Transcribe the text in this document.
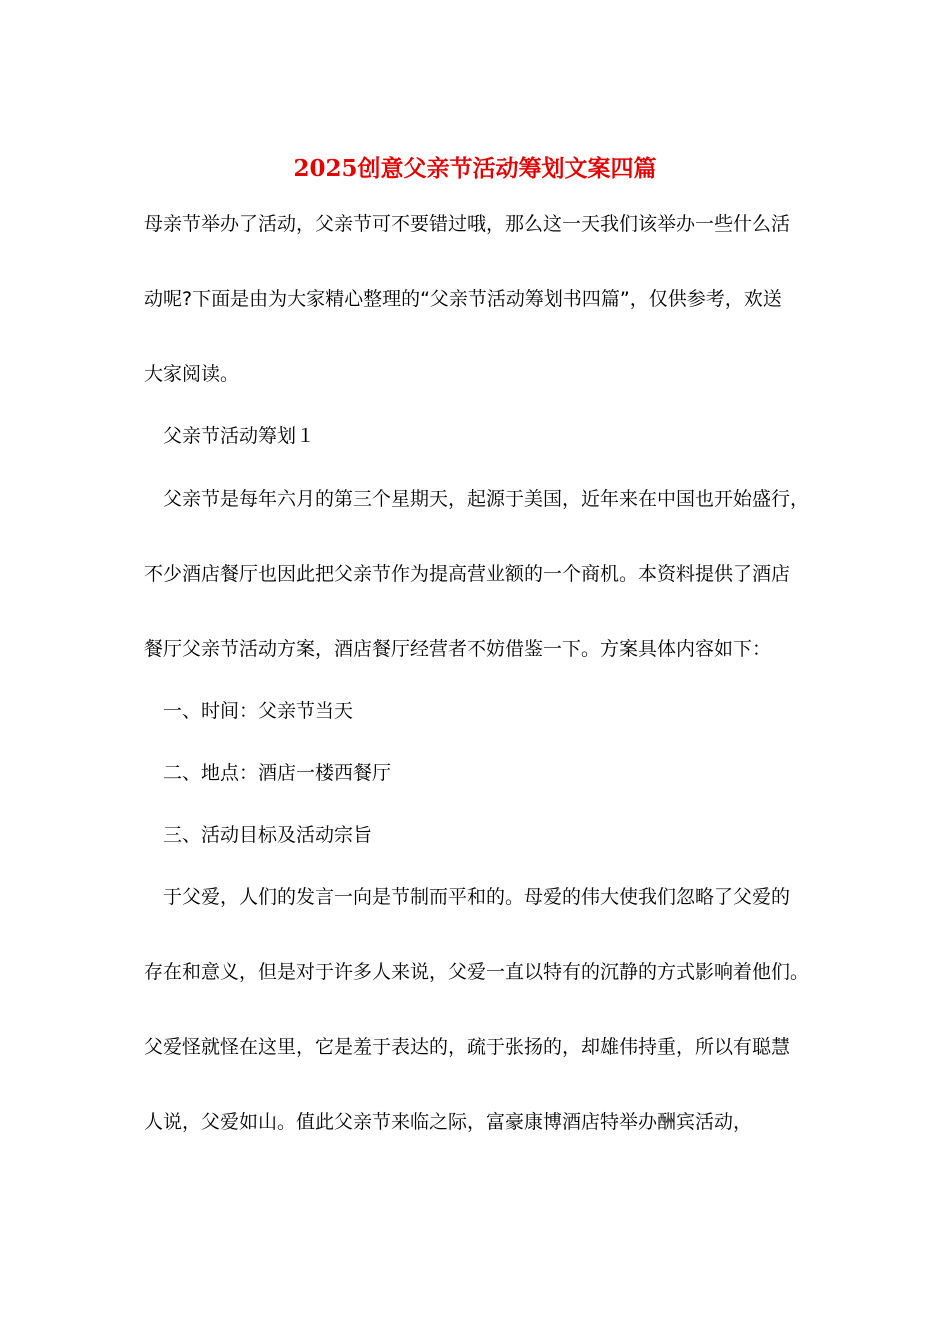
2025创意父亲节活动筹划文案四篇
母亲节举办了活动，父亲节可不要错过哦，那么这一天我们该举办一些什么活
动呢?下面是由为大家精心整理的“父亲节活动筹划书四篇”，仅供参考，欢送
大家阅读。
父亲节活动筹划１
父亲节是每年六月的第三个星期天，起源于美国，近年来在中国也开始盛行，
不少酒店餐厅也因此把父亲节作为提高营业额的一个商机。本资料提供了酒店
餐厅父亲节活动方案，酒店餐厅经营者不妨借鉴一下。方案具体内容如下：
一、时间：父亲节当天
二、地点：酒店一楼西餐厅
三、活动目标及活动宗旨
于父爱，人们的发言一向是节制而平和的。母爱的伟大使我们忽略了父爱的
存在和意义，但是对于许多人来说，父爱一直以特有的沉静的方式影响着他们。
父爱怪就怪在这里，它是羞于表达的，疏于张扬的，却雄伟持重，所以有聪慧
人说，父爱如山。值此父亲节来临之际，富豪康博酒店特举办酬宾活动，
